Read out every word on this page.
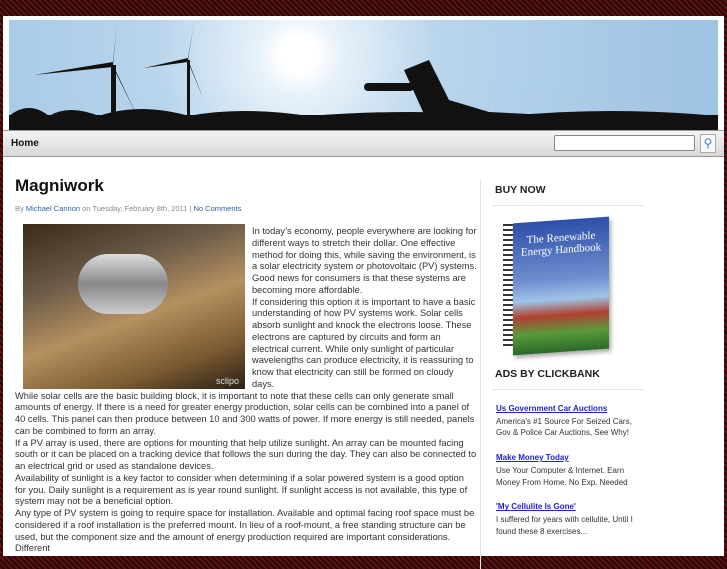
Home	⚲
Magniwork
By Michael Cannon on Tuesday, February 8th, 2011 | No Comments
sclipo

In today’s economy, people everywhere are looking for different ways to stretch their dollar. One effective method for doing this, while saving the environment, is a solar electricity system or photovoltaic (PV) systems. Good news for consumers is that these systems are becoming more affordable.

If considering this option it is important to have a basic understanding of how PV systems work. Solar cells absorb sunlight and knock the electrons loose. These electrons are captured by circuits and form an electrical current. While only sunlight of particular wavelengths can produce electricity, it is reassuring to know that electricity can still be formed on cloudy days.

While solar cells are the basic building block, it is important to note that these cells can only generate small amounts of energy. If there is a need for greater energy production, solar cells can be combined into a panel of 40 cells. This panel can then produce between 10 and 300 watts of power. If more energy is still needed, panels can be combined to form an array.

If a PV array is used, there are options for mounting that help utilize sunlight. An array can be mounted facing south or it can be placed on a tracking device that follows the sun during the day. They can also be connected to an electrical grid or used as standalone devices.

Availability of sunlight is a key factor to consider when determining if a solar powered system is a good option for you. Daily sunlight is a requirement as is year round sunlight. If sunlight access is not available, this type of system may not be a beneficial option.

Any type of PV system is going to require space for installation. Available and optimal facing roof space must be considered if a roof installation is the preferred mount. In lieu of a roof-mount, a free standing structure can be used, but the component size and the amount of energy production required are important considerations. Different

BUY NOW
The Renewable Energy Handbook
ADS BY CLICKBANK
Us Government Car Auctions
America's #1 Source For Seized Cars, Gov & Police Car Auctions, See Why!
Make Money Today
Use Your Computer & Internet. Earn Money From Home. No Exp. Needed
'My Cellulite Is Gone'
I suffered for years with cellulite, Until I found these 8 exercises...
